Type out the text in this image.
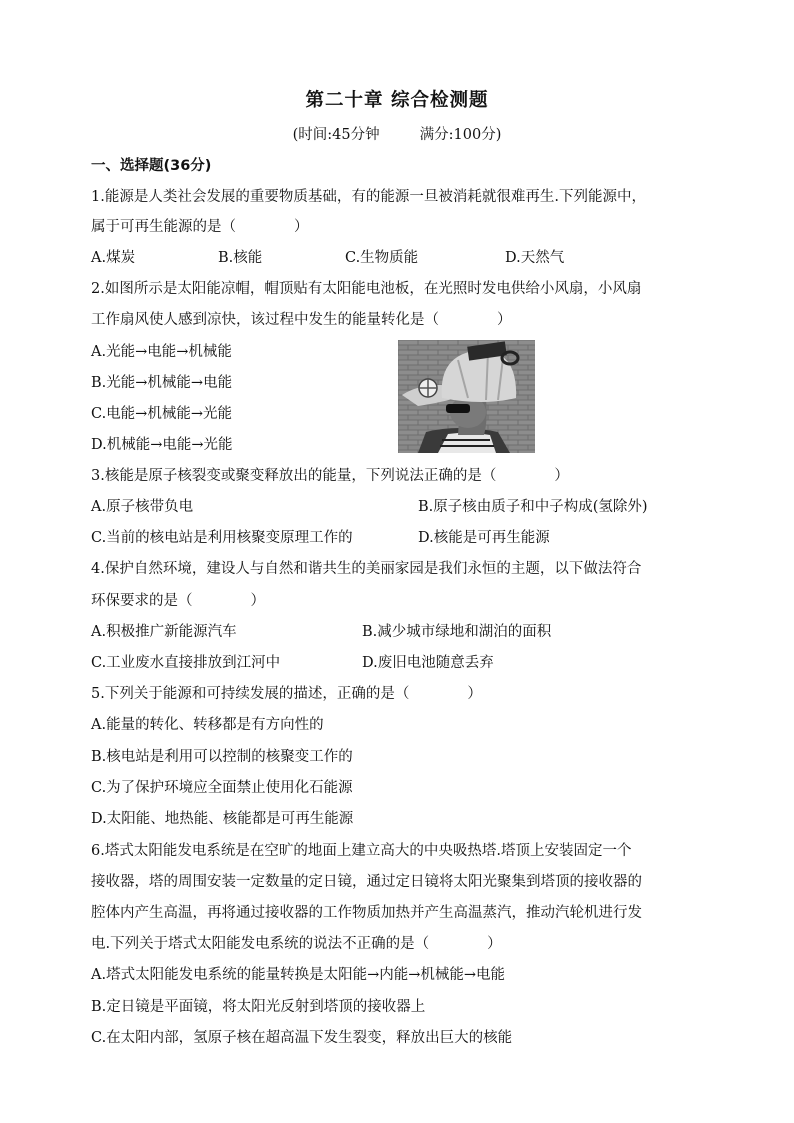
第二十章 综合检测题
(时间:45分钟	满分:100分)
一、选择题(36分)
1.能源是人类社会发展的重要物质基础，有的能源一旦被消耗就很难再生.下列能源中，
属于可再生能源的是（　　　　）
A.煤炭	B.核能	C.生物质能	D.天然气
2.如图所示是太阳能凉帽，帽顶贴有太阳能电池板，在光照时发电供给小风扇，小风扇
工作扇风使人感到凉快，该过程中发生的能量转化是（　　　　）
A.光能→电能→机械能
B.光能→机械能→电能
C.电能→机械能→光能
D.机械能→电能→光能
3.核能是原子核裂变或聚变释放出的能量，下列说法正确的是（　　　　）
A.原子核带负电	B.原子核由质子和中子构成(氢除外)
C.当前的核电站是利用核聚变原理工作的	D.核能是可再生能源
4.保护自然环境，建设人与自然和谐共生的美丽家园是我们永恒的主题，以下做法符合
环保要求的是（　　　　）
A.积极推广新能源汽车	B.减少城市绿地和湖泊的面积
C.工业废水直接排放到江河中	D.废旧电池随意丢弃
5.下列关于能源和可持续发展的描述，正确的是（　　　　）
A.能量的转化、转移都是有方向性的
B.核电站是利用可以控制的核聚变工作的
C.为了保护环境应全面禁止使用化石能源
D.太阳能、地热能、核能都是可再生能源
6.塔式太阳能发电系统是在空旷的地面上建立高大的中央吸热塔.塔顶上安装固定一个
接收器，塔的周围安装一定数量的定日镜，通过定日镜将太阳光聚集到塔顶的接收器的
腔体内产生高温，再将通过接收器的工作物质加热并产生高温蒸汽，推动汽轮机进行发
电.下列关于塔式太阳能发电系统的说法不正确的是（　　　　）
A.塔式太阳能发电系统的能量转换是太阳能→内能→机械能→电能
B.定日镜是平面镜，将太阳光反射到塔顶的接收器上
C.在太阳内部，氢原子核在超高温下发生裂变，释放出巨大的核能
